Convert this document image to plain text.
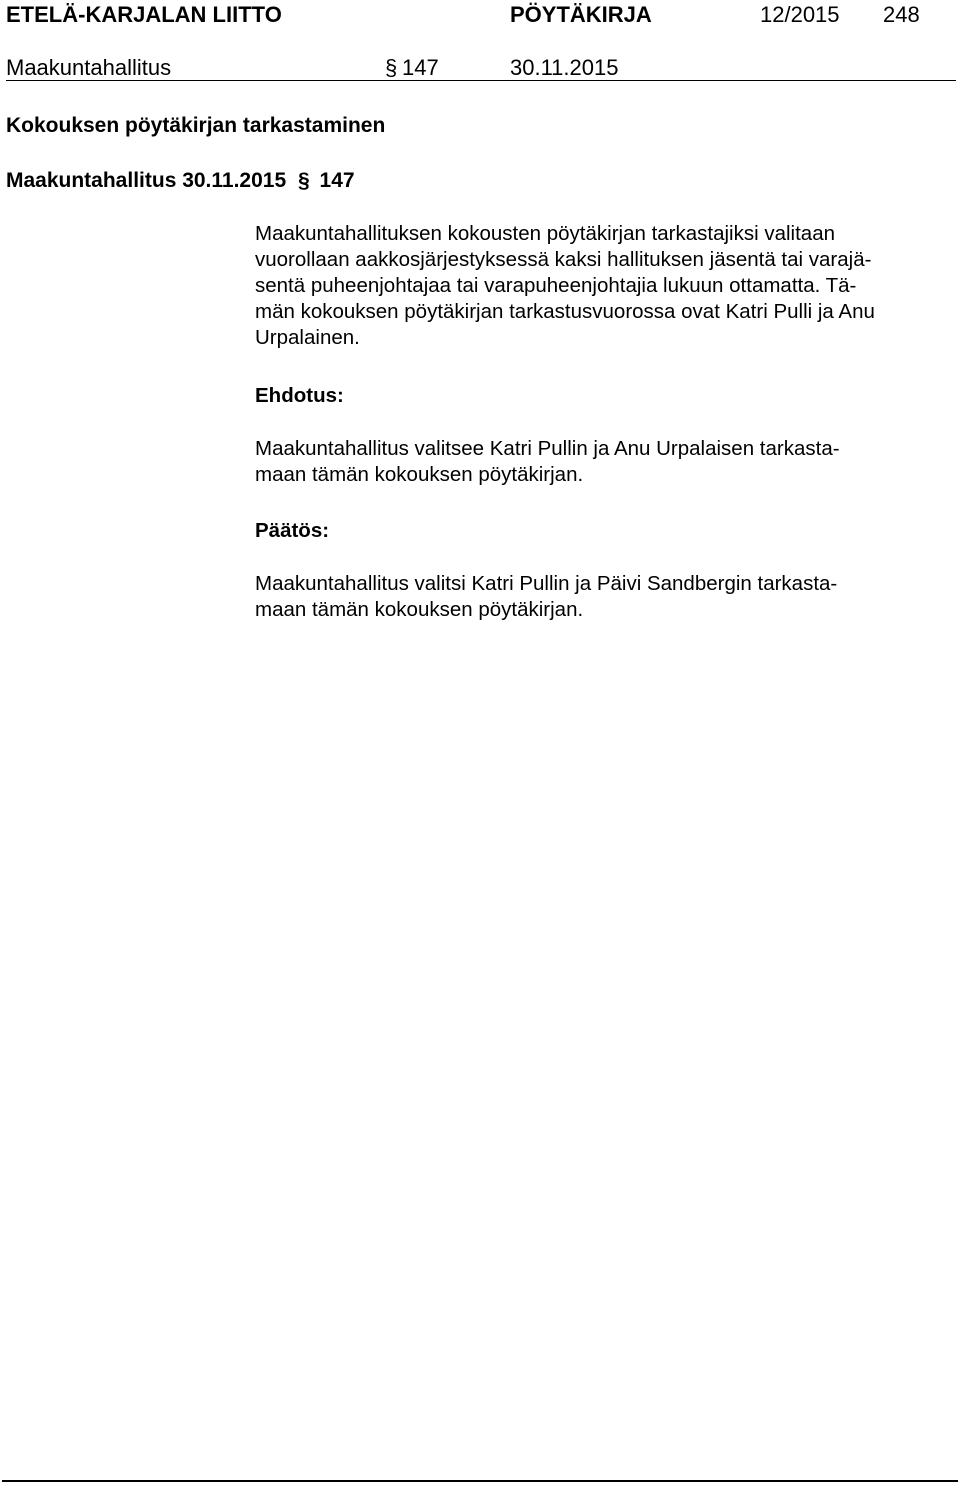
ETELÄ-KARJALAN LIITTO	PÖYTÄKIRJA	12/2015 248
Maakuntahallitus	§ 147	30.11.2015
Kokouksen pöytäkirjan tarkastaminen
Maakuntahallitus 30.11.2015 § 147
Maakuntahallituksen kokousten pöytäkirjan tarkastajiksi valitaan
vuorollaan aakkosjärjestyksessä kaksi hallituksen jäsentä tai varajä-
sentä puheenjohtajaa tai varapuheenjohtajia lukuun ottamatta. Tä-
män kokouksen pöytäkirjan tarkastusvuorossa ovat Katri Pulli ja Anu
Urpalainen.
Ehdotus:
Maakuntahallitus valitsee Katri Pullin ja Anu Urpalaisen tarkasta-
maan tämän kokouksen pöytäkirjan.
Päätös:
Maakuntahallitus valitsi Katri Pullin ja Päivi Sandbergin tarkasta-
maan tämän kokouksen pöytäkirjan.
